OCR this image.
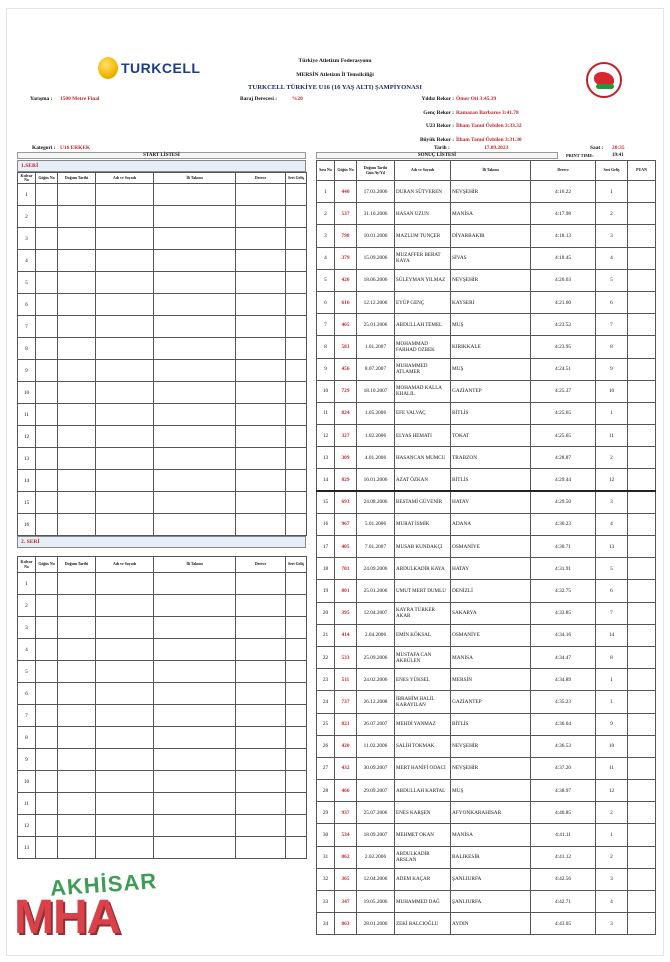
TURKCELL	Türkiye Atletizm Federasyonu
MERSİN Atletizm İl Temsilciliği
TURKCELL TÜRKİYE U16 (16 YAŞ ALTI) ŞAMPİYONASI
Yarışma : 1500 Metre Final	Baraj Derecesi :	%20	Yıldız Rekor : Ömer Oti 3:45.39
Genç Rekor : Ramazan Barbaros 3:41.78
U23 Rekor : İlham Tanui Özbilen 3:33.32
Büyük Rekor : İlham Tanui Özbilen 3:31.30
Kategori : U16 ERKEK	Tarih :	17.09.2023	Saat : 20:35
START LİSTESİ	SONUÇ LİSTESİ	PRINT TIME:	19:41
1.SERİ
Kulvar No	Göğüs No	Doğum Tarihi	Adı ve Soyadı	İli Takımı	Derece	Seri Geliş
1						
2						
3						
4						
5						
6						
7						
8						
9						
10						
11						
12						
13						
14						
15						
16						
2. SERİ
Kulvar No	Göğüs No	Doğum Tarihi	Adı ve Soyadı	İli Takımı	Derece	Seri Geliş
1						
2						
3						
4						
5						
6						
7						
8						
9						
10						
11						
12						
13						
Sıra No	Göğüs No	Doğum Tarihi Gün/Ay/Yıl	Adı ve Soyadı	İli Takımı	Derece	Seri Geliş	PUAN
1	440	17.03.2006	DURAN SÜTVEREN	NEVŞEHİR	4:16.22	1	
2	537	31.10.2006	HASAN UZUN	MANİSA	4:17.98	2	
3	798	10.01.2006	MAZLUM TUNÇER	DİYARBAKIR	4:18.13	3	
4	379	15.09.2006	MUZAFFER BERAT KAYA	SİVAS	4:18.45	4	
5	426	18.06.2006	SÜLEYMAN YILMAZ	NEVŞEHİR	4:20.03	5	
6	616	12.12.2006	EYÜP GENÇ	KAYSERİ	4:21.60	6	
7	465	25.01.2006	ABDULLAH TEMEL	MUŞ	4:23.52	7	
8	583	1.01.2007	MOHAMMAD FARHAD OZBEK	KIRIKKALE	4:23.95	8	
9	456	8.07.2007	MUHAMMED ATLAMER	MUŞ	4:24.51	9	
10	729	18.10.2007	MOHAMAD KALLA KHALIL	GAZİANTEP	4:25.37	10	
11	824	1.05.2006	EFE VALVAÇ	BİTLİS	4:25.65	1	
12	327	1.02.2006	ELYAS HEMATI	TOKAT	4:25.65	11	
13	309	4.01.2006	HASANCAN MUMCU	TRABZON	4:28.87	2	
14	829	16.01.2006	AZAT ÖZKAN	BİTLİS	4:29.44	12	
15	693	24.08.2006	BESTAMİ GÜVENİR	HATAY	4:29.50	3	
16	967	5.01.2006	MURAT İSMİK	ADANA	4:30.23	4	
17	405	7.01.2007	MUSAB KUNDAKÇI	OSMANİYE	4:30.71	13	
18	701	24.09.2006	ABDULKADİR KAYA	HATAY	4:31.91	5	
19	801	25.01.2006	UMUT MERT DUMLU	DENİZLİ	4:32.75	6	
20	395	12.04.2007	KAYRA TÜRKER AKAR	SAKARYA	4:33.85	7	
21	414	2.04.2006	EMİN KÖKSAL	OSMANİYE	4:34.16	14	
22	533	25.09.2006	MUSTAFA CAN AKBÜLEN	MANİSA	4:34.47	8	
23	511	24.02.2006	ENES YÜKSEL	MERSİN	4:34.89	1	
24	737	26.12.2008	İBRAHİM HALİL KARAYILAN	GAZİANTEP	4:35.23	1	
25	821	26.07.2007	MEHDİ YANMAZ	BİTLİS	4:36.04	9	
26	420	11.02.2006	SALİH TOKMAK	NEVŞEHİR	4:36.53	10	
27	432	30.09.2007	MERT HANİFİ ODACI	NEVŞEHİR	4:37.20	11	
28	466	29.09.2007	ABDULLAH KARTAL	MUŞ	4:38.97	12	
29	937	25.07.2006	ENES KARŞEN	AFYONKARAHİSAR	4:40.85	2	
30	534	18.09.2007	MEHMET OKAN	MANİSA	4:41.11	1	
31	862	2.02.2006	ABDULKADİR ARSLAN	BALIKESİR	4:41.12	2	
32	365	12.04.2006	ADEM KAÇAR	ŞANLIURFA	4:42.56	3	
33	347	19.05.2006	MUHAMMED DAĞ	ŞANLIURFA	4:42.71	4	
34	863	28.01.2006	ZEKİ BALCIOĞLU	AYDIN	4:43.05	3	
AKHİSAR
MHA
